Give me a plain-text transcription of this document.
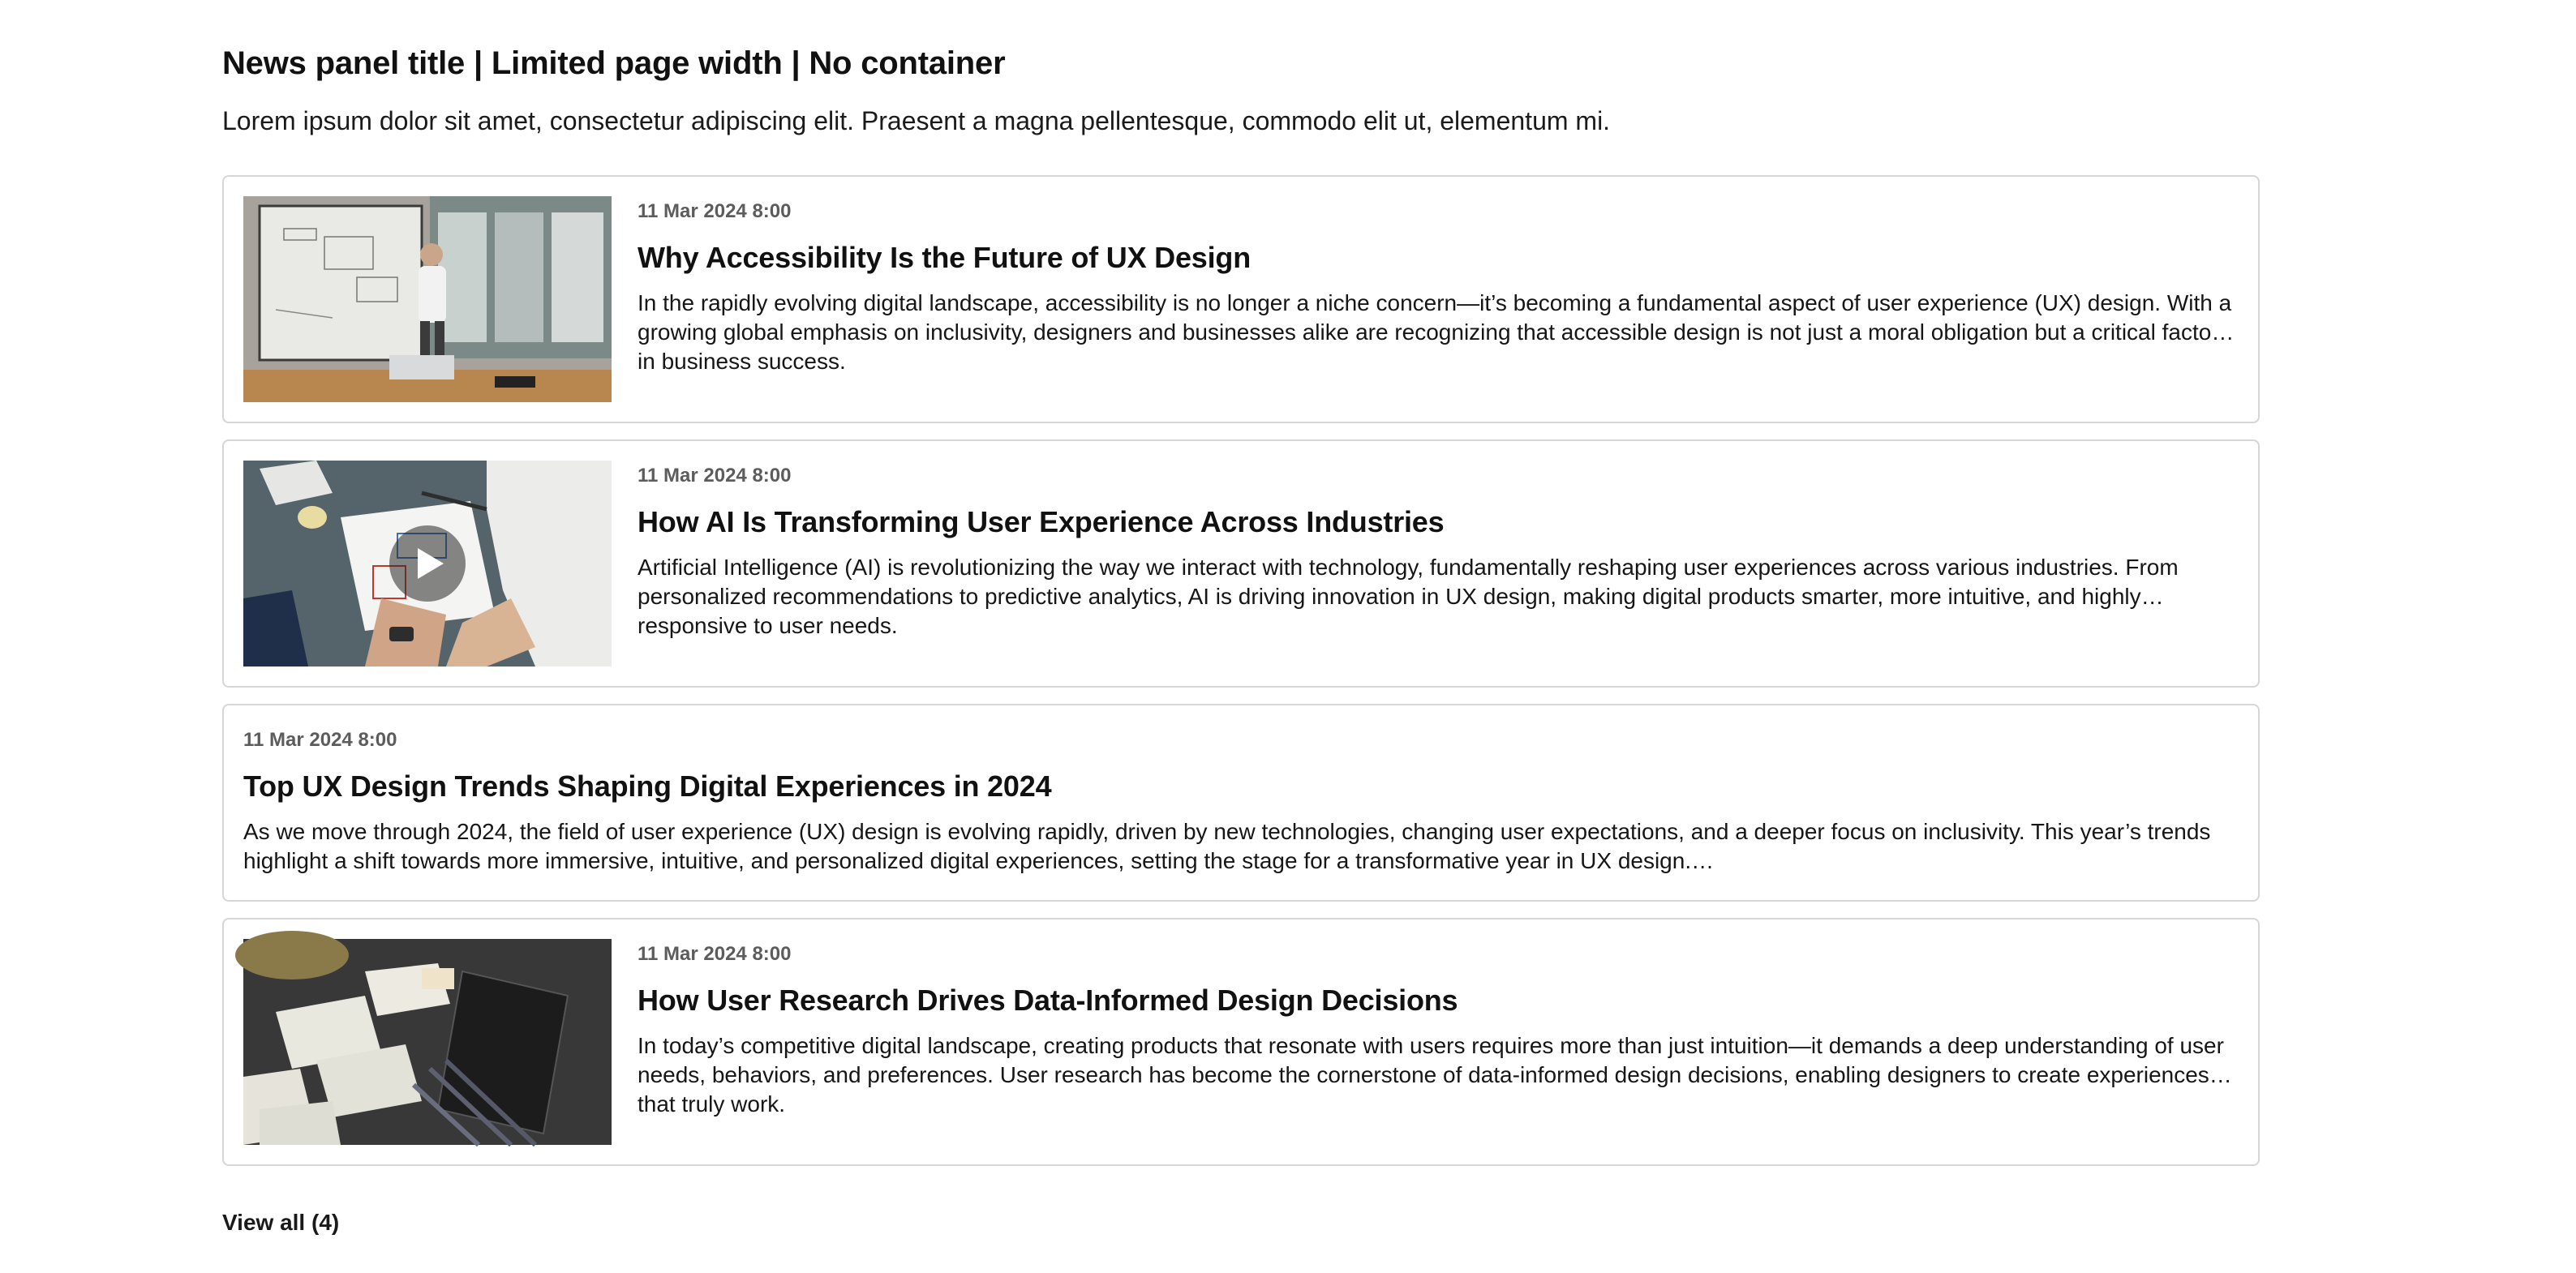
News panel title | Limited page width | No container

Lorem ipsum dolor sit amet, consectetur adipiscing elit. Praesent a magna pellentesque, commodo elit ut, elementum mi.

11 Mar 2024 8:00
Why Accessibility Is the Future of UX Design

In the rapidly evolving digital landscape, accessibility is no longer a niche concern—it’s becoming a fundamental aspect of user experience (UX) design. With a growing global emphasis on inclusivity, designers and businesses alike are recognizing that accessible design is not just a moral obligation but a critical factor in business success.

11 Mar 2024 8:00
How AI Is Transforming User Experience Across Industries

Artificial Intelligence (AI) is revolutionizing the way we interact with technology, fundamentally reshaping user experiences across various industries. From personalized recommendations to predictive analytics, AI is driving innovation in UX design, making digital products smarter, more intuitive, and highly responsive to user needs.

11 Mar 2024 8:00
Top UX Design Trends Shaping Digital Experiences in 2024

As we move through 2024, the field of user experience (UX) design is evolving rapidly, driven by new technologies, changing user expectations, and a deeper focus on inclusivity. This year’s trends highlight a shift towards more immersive, intuitive, and personalized digital experiences, setting the stage for a transformative year in UX design.…

11 Mar 2024 8:00
How User Research Drives Data-Informed Design Decisions

In today’s competitive digital landscape, creating products that resonate with users requires more than just intuition—it demands a deep understanding of user needs, behaviors, and preferences. User research has become the cornerstone of data-informed design decisions, enabling designers to create experiences that truly work.

View all (4)
